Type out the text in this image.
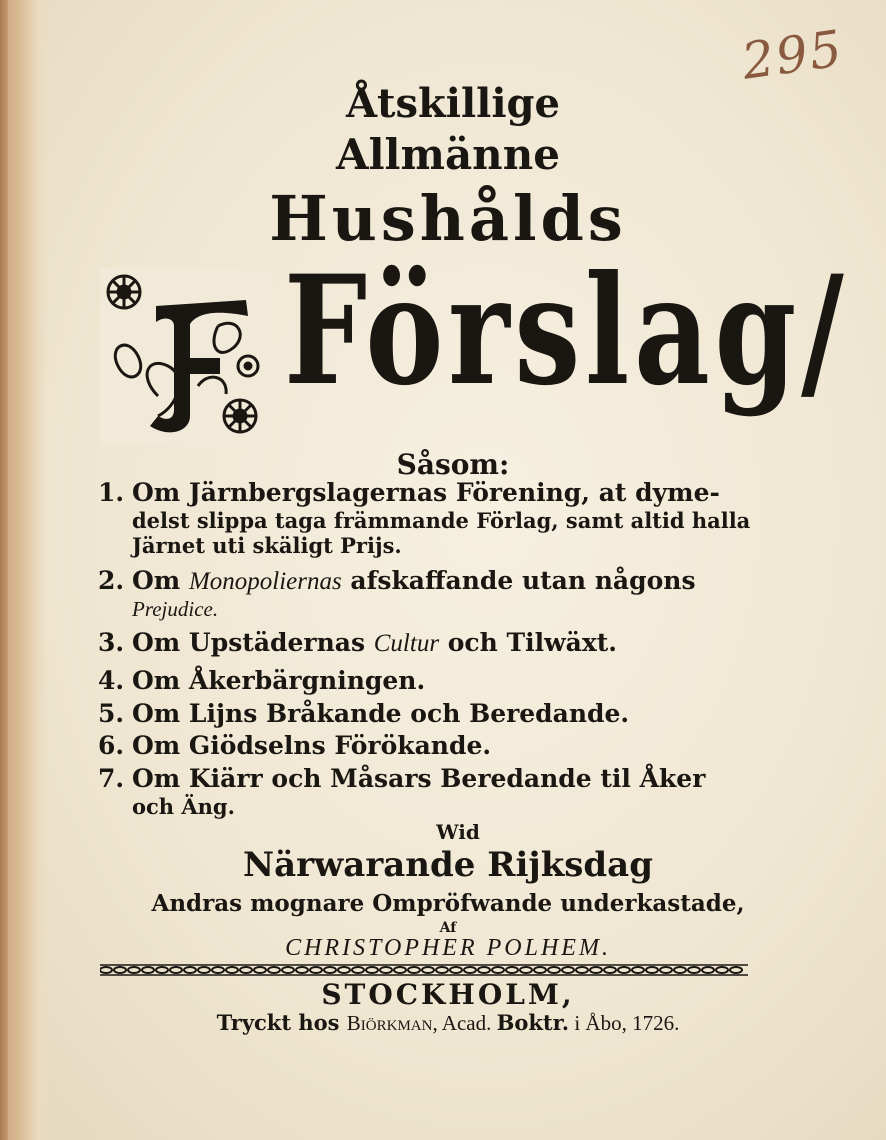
295
Åtskillige
Allmänne
Hushålds
Förslag/
Såsom:
1. Om Järnbergslagernas Förening, at dyme-
delst slippa taga främmande Förlag, samt altid halla
Järnet uti skäligt Prijs.
2. Om Monopoliernas afskaffande utan någons
Prejudice.
3. Om Upstädernas Cultur och Tilwäxt.
4. Om Åkerbärgningen.
5. Om Lijns Bråkande och Beredande.
6. Om Giödselns Förökande.
7. Om Kiärr och Måsars Beredande til Åker
och Äng.
Wid
Närwarande Rijksdag
Andras mognare Ompröfwande underkastade,
Af
CHRISTOPHER POLHEM.
STOCKHOLM,
Tryckt hos Biörkman, Acad. Boktr. i Åbo, 1726.
